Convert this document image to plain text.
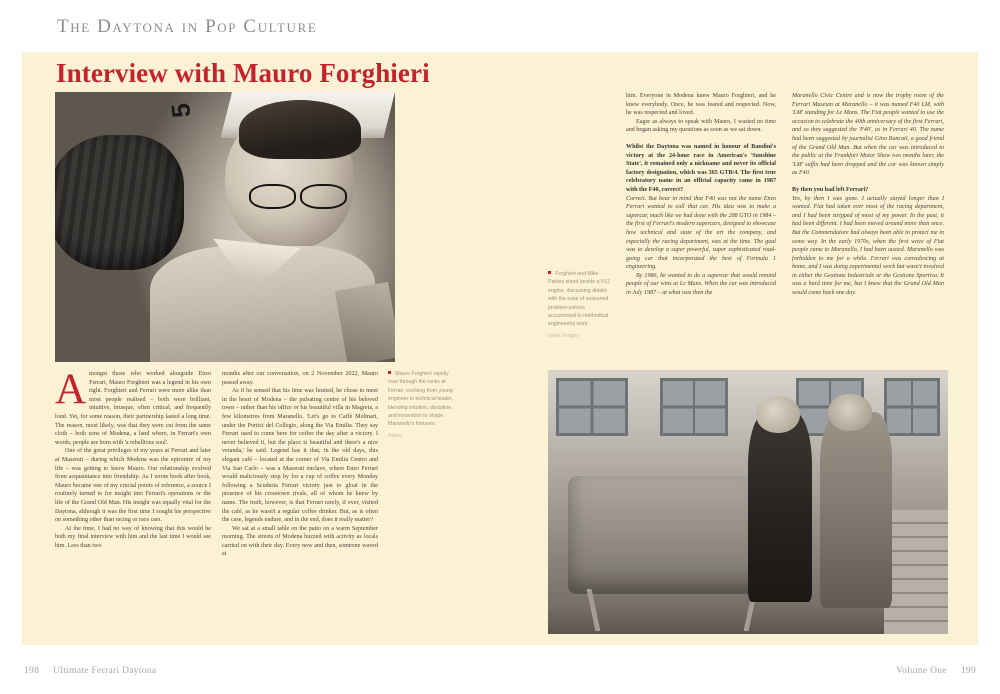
The Daytona in Pop Culture
Interview with Mauro Forghieri
5

Amongst those who worked alongside Enzo Ferrari, Mauro Forghieri was a legend in his own right. Forghieri and Ferrari were more alike than most people realised – both were brilliant, intuitive, brusque, often critical, and frequently loud. Yet, for some reason, their partnership lasted a long time. The reason, most likely, was that they were cut from the same cloth – both sons of Modena, a land where, in Ferrari's own words, people are born with 'a rebellious soul'.

One of the great privileges of my years at Ferrari and later at Maserati – during which Modena was the epicentre of my life – was getting to know Mauro. Our relationship evolved from acquaintance into friendship. As I wrote book after book, Mauro became one of my crucial points of reference, a source I routinely turned to for insight into Ferrari's operations or the life of the Grand Old Man. His insight was equally vital for the Daytona, although it was the first time I sought his perspective on something other than racing or race cars.

At the time, I had no way of knowing that this would be both my final interview with him and the last time I would see him. Less than two

months after our conversation, on 2 November 2022, Mauro passed away.

As if he sensed that his time was limited, he chose to meet in the heart of Modena – the pulsating centre of his beloved town – rather than his office or his beautiful villa in Magreta, a few kilometres from Maranello. 'Let's go to Caffè Molinari, under the Portici del Collegio, along the Via Emilia. They say Ferrari used to come here for coffee the day after a victory. I never believed it, but the place is beautiful and there's a nice veranda,' he said. Legend has it that, in the old days, this elegant café – located at the corner of Via Emilia Centro and Via San Carlo – was a Maserati enclave, where Enzo Ferrari would maliciously stop by for a cup of coffee every Monday following a Scuderia Ferrari victory just to gloat in the presence of his crosstown rivals, all of whom he knew by name. The truth, however, is that Ferrari rarely, if ever, visited the café, as he wasn't a regular coffee drinker. But, as is often the case, legends endure, and in the end, does it really matter?

We sat at a small table on the patio on a warm September morning. The streets of Modena buzzed with activity as locals carried on with their day. Every now and then, someone waved at

Mauro Forghieri rapidly rose through the ranks at Ferrari, evolving from young engineer to technical leader, blending intuition, discipline, and innovation to shape Maranello's fortunes.
Alamy

him. Everyone in Modena knew Mauro Forghieri, and he knew everybody. Once, he was feared and respected. Now, he was respected and loved.

Eager as always to speak with Mauro, I wasted no time and began asking my questions as soon as we sat down.

Whilst the Daytona was named in honour of Bandini's victory at the 24-hour race in American's 'Sunshine State', it remained only a nickname and never its official factory designation, which was 365 GTB/4. The first true celebratory name in an official capacity came in 1987 with the F40, correct?

Correct. But bear in mind that F40 was not the name Enzo Ferrari wanted to call that car. His idea was to make a supercar, much like we had done with the 288 GTO in 1984 – the first of Ferrari's modern supercars, designed to showcase how technical and state of the art the company, and especially the racing department, was at the time. The goal was to develop a super powerful, super sophisticated road-going car that incorporated the best of Formula 1 engineering.

By 1986, he wanted to do a supercar that would remind people of our wins at Le Mans. When the car was introduced in July 1987 – at what was then the

Maranello Civic Centre and is now the trophy room of the Ferrari Museum at Maranello – it was named F40 LM, with 'LM' standing for Le Mans. The Fiat people wanted to use the occasion to celebrate the 40th anniversary of the first Ferrari, and so they suggested the 'F40', as in Ferrari 40. The name had been suggested by journalist Gino Rancati, a good friend of the Grand Old Man. But when the car was introduced to the public at the Frankfurt Motor Show two months later, the 'LM' suffix had been dropped and the car was known simply as F40.

By then you had left Ferrari?

Yes, by then I was gone. I actually stayed longer than I wanted. Fiat had taken over most of the racing department, and I had been stripped of most of my power. In the past, it had been different. I had been moved around more than once. But the Commendatore had always been able to protect me in some way. In the early 1970s, when the first wave of Fiat people came to Maranello, I had been ousted. Maranello was forbidden to me for a while. Ferrari was convalescing at home, and I was doing experimental work but wasn't involved in either the Gestione Industriale or the Gestione Sportiva. It was a hard time for me, but I knew that the Grand Old Man would come back one day.

Forghieri and Mike Parkes stand beside a V12 engine, discussing details with the ease of seasoned problem-solvers accustomed to methodical engineering work.
Getty Images
198 Ultimate Ferrari Daytona	Volume One 199
